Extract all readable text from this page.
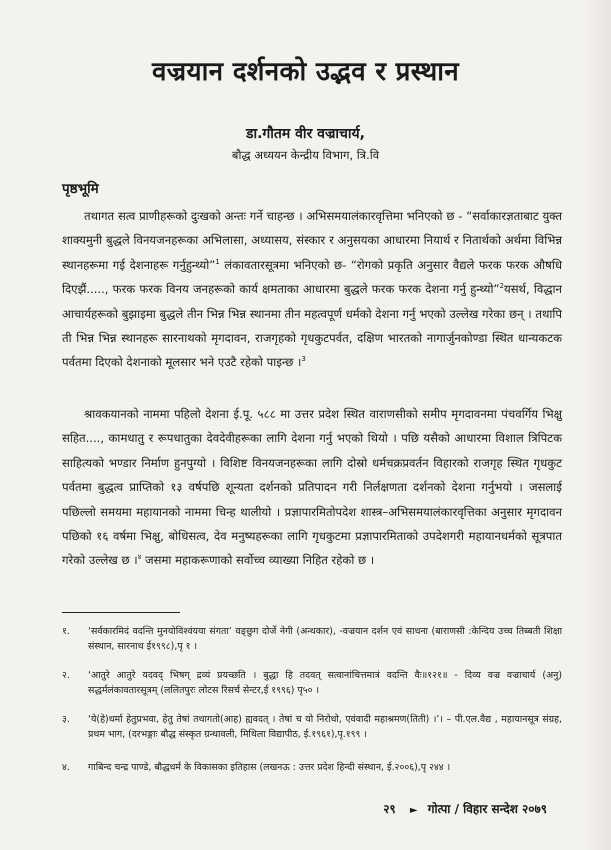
वज्रयान दर्शनको उद्भव र प्रस्थान
डा.गौतम वीर वज्राचार्य,
बौद्ध अध्ययन केन्द्रीय विभाग, त्रि.वि
पृष्ठभूमि

तथागत सत्व प्राणीहरूको दुःखको अन्तः गर्ने चाहन्छ । अभिसमयालंकारवृत्तिमा भनिएको छ - “सर्वाकारज्ञताबाट युक्त शाक्यमुनी बुद्धले विनयजनहरूका अभिलासा, अध्यासय, संस्कार र अनुसयका आधारमा नियार्थ र नितार्थको अर्थमा विभिन्न स्थानहरूमा गई देशनाहरू गर्नुहुन्थ्यो”$^1$ लंकावतारसूत्रमा भनिएको छ- “रोगको प्रकृति अनुसार वैद्यले फरक फरक औषधि दिएझैं....., फरक फरक विनय जनहरूको कार्य क्षमताका आधारमा बुद्धले फरक फरक देशना गर्नु हुन्थ्यो”$^2$यसर्थ, विद्धान आचार्यहरूको बुझाइमा बुद्धले तीन भिन्न भिन्न स्थानमा तीन महत्वपूर्ण धर्मको देशना गर्नु भएको उल्लेख गरेका छन् । तथापि ती भिन्न भिन्न स्थानहरू सारनाथको मृगदावन, राजगृहको गृधकुटपर्वत, दक्षिण भारतको नागार्जुनकोण्डा स्थित धान्यकटक पर्वतमा दिएको देशनाको मूलसार भने एउटै रहेको पाइन्छ ।$^3$

श्रावकयानको नाममा पहिलो देशना ई.पू. ५८८ मा उत्तर प्रदेश स्थित वाराणसीको समीप मृगदावनमा पंचवर्गिय भिक्षु सहित...., कामधातु र रूपधातुका देवदेवीहरूका लागि देशना गर्नु भएको थियो । पछि यसैको आधारमा विशाल त्रिपिटक साहित्यको भण्डार निर्माण हुनपुग्यो । विशिष्ट विनयजनहरूका लागि दोस्रो धर्मचक्रप्रवर्तन विहारको राजगृह स्थित गृधकुट पर्वतमा बुद्धत्व प्राप्तिको १३ वर्षपछि शून्यता दर्शनको प्रतिपादन गरी निर्लक्षणता दर्शनको देशना गर्नुभयो । जसलाई पछिल्लो समयमा महायानको नाममा चिन्ह थालीयो । प्रज्ञापारमितोपदेश शास्त्र–अभिसमयालंकारवृत्तिका अनुसार मृगदावन पछिको १६ वर्षमा भिक्षु, बोधिसत्व, देव मनुष्यहरूका लागि गृधकुटमा प्रज्ञापारमिताको उपदेशगरी महायानधर्मको सूत्रपात गरेको उल्लेख छ ।$^४$ जसमा महाकरूणाको सर्वोच्च व्याख्या निहित रहेको छ ।

१.	‘सर्वकारमिदं वदन्ति मुनयोविश्वंयया संगता’ वङ्छुग दोर्जे नेगी (अन्थकार), -वज्रयान दर्शन एवं साधना (बाराणसी :केन्दिय उच्च तिब्बती शिक्षा संस्थान, सारनाथ ई१९९८),पृ १ ।
२.	‘आतुरे आतुरे यदवद् भिषग् द्रव्यं प्रयच्छति । बुद्धा हि तदवत् सत्वानांचित्तमात्रं वदन्ति वैः॥१२१॥ - दिव्य वज्र वज्राचार्य (अनु) सद्धर्मलंकावतारसूत्रम् (ललितपुरः लोटस रिसर्च सेन्टर,ई १९९६) पृ५० ।
३.	‘ये(हे)धर्मा हेतुप्रभवा, हेतु तेषां तथागतो(आह) ह्यवदत् । तेषां च यो निरोधो, एवंवादी महाश्रमण(तिती) ।’। – पी.एल.वैद्य , महायानसूत्र संग्रह, प्रथम भाग, (दरभङ्गाः बौद्ध संस्कृत ग्रन्थावली, मिथिला विद्यापीठ, ई.१९६१),पृ.१९९ ।
४.	गाबिन्द चन्द्र पाण्डे, बौद्धधर्म के विकासका इतिहास (लखनऊ : उत्तर प्रदेश हिन्दी संस्थान, ई.२००६),पृ २४४ ।
२९ ► गोत्पा / विहार सन्देश २०७९
